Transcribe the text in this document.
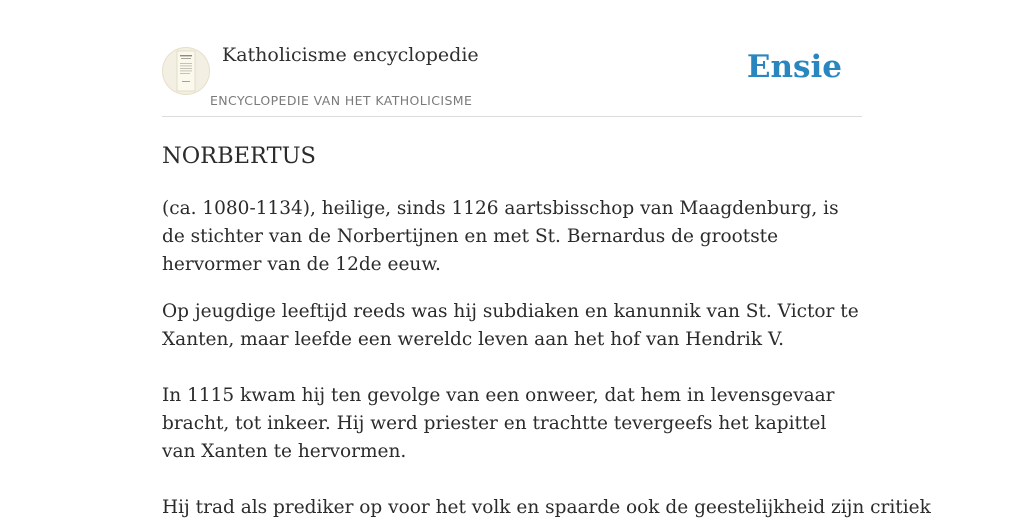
Katholicisme encyclopedie
ENCYCLOPEDIE VAN HET KATHOLICISME
Ensie
NORBERTUS

(ca. 1080-1134), heilige, sinds 1126 aartsbisschop van Maagdenburg, is de stichter van de Norbertijnen en met St. Bernardus de grootste hervormer van de 12de eeuw.

Op jeugdige leeftijd reeds was hij subdiaken en kanunnik van St. Victor te Xanten, maar leefde een wereldс leven aan het hof van Hendrik V.

In 1115 kwam hij ten gevolge van een onweer, dat hem in levensgevaar bracht, tot inkeer. Hij werd priester en trachtte tevergeefs het kapittel van Xanten te hervormen.

Hij trad als prediker op voor het volk en spaarde ook de geestelijkheid zijn critiek
